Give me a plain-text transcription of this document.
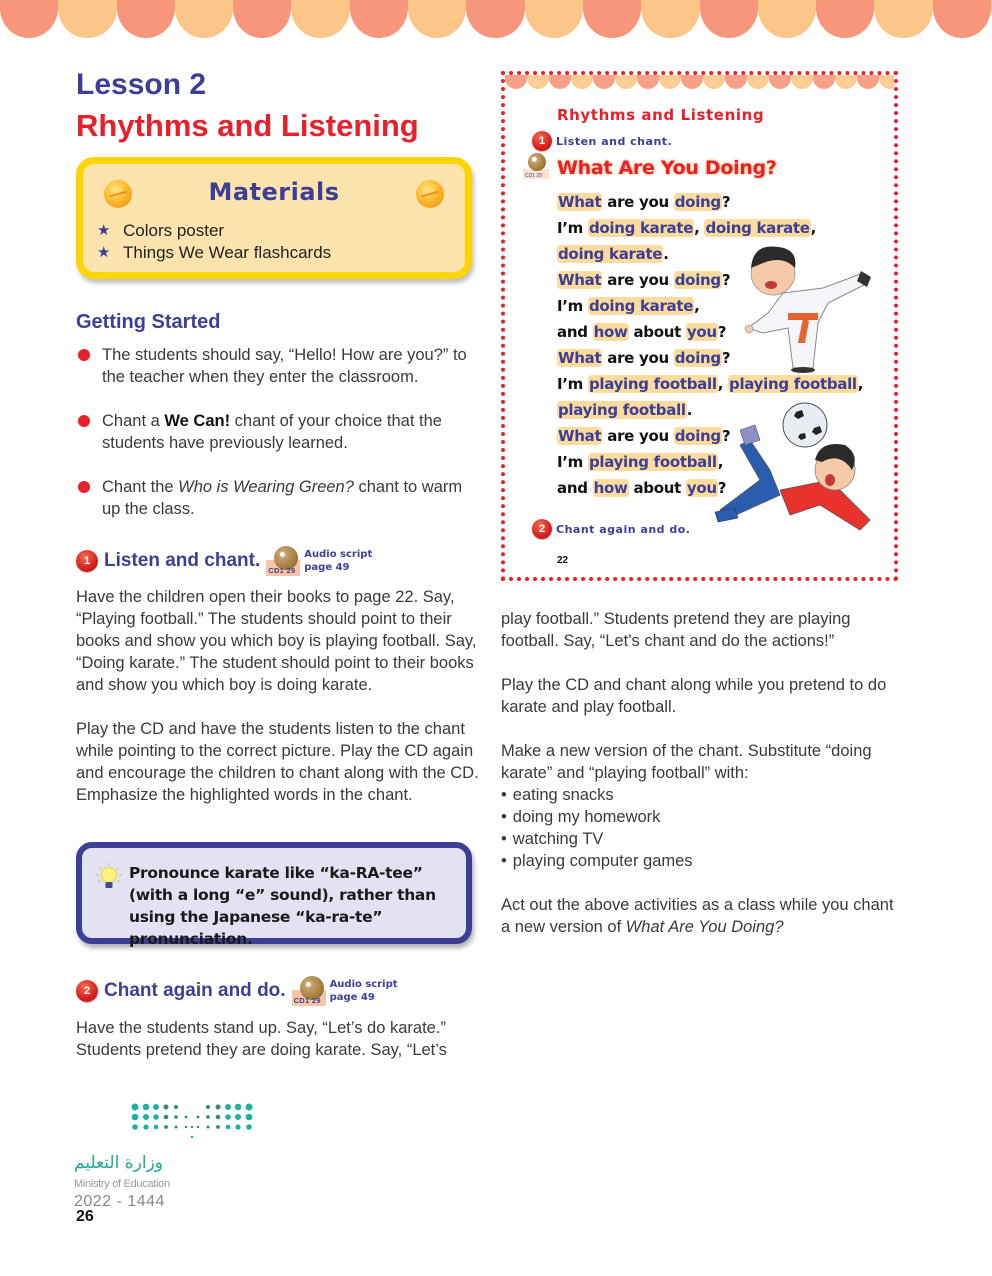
Lesson 2
Rhythms and Listening
Materials
★ Colors poster
★ Things We Wear flashcards
Getting Started
The students should say, “Hello! How are you?” to the teacher when they enter the classroom.
Chant a We Can! chant of your choice that the students have previously learned.
Chant the Who is Wearing Green? chant to warm up the class.
1 Listen and chant. CD1 29
Audio script
page 49
Have the children open their books to page 22. Say, “Playing football.” The students should point to their books and show you which boy is playing football. Say, “Doing karate.” The student should point to their books and show you which boy is doing karate.
Play the CD and have the students listen to the chant while pointing to the correct picture. Play the CD again and encourage the children to chant along with the CD. Emphasize the highlighted words in the chant.
Pronounce karate like “ka-RA-tee” (with a long “e” sound), rather than using the Japanese “ka-ra-te” pronunciation.
2 Chant again and do. CD1 29
Audio script
page 49
Have the students stand up. Say, “Let’s do karate.” Students pretend they are doing karate. Say, “Let’s
وزارة التعليم
Ministry of Education
2022 - 1444
26
Rhythms and Listening
1 Listen and chant.
CD1 29 What Are You Doing?
What are you doing?
I’m doing karate, doing karate,
doing karate.
What are you doing?
I’m doing karate,
and how about you?
What are you doing?
I’m playing football, playing football,
playing football.
What are you doing?
I’m playing football,
and how about you?
2 Chant again and do.
22
play football.” Students pretend they are playing football. Say, “Let’s chant and do the actions!”
Play the CD and chant along while you pretend to do karate and play football.
Make a new version of the chant. Substitute “doing karate” and “playing football” with:
• eating snacks
• doing my homework
• watching TV
• playing computer games
Act out the above activities as a class while you chant a new version of What Are You Doing?
